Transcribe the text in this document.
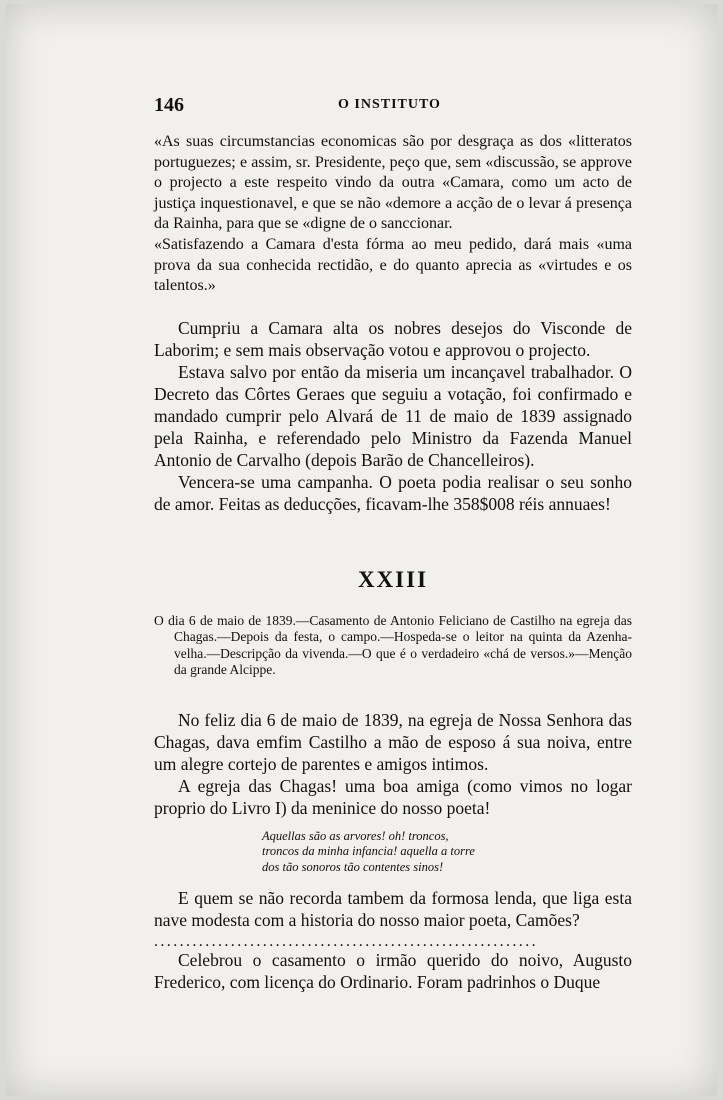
146	O INSTITUTO

«As suas circumstancias economicas são por desgraça as dos «litteratos portuguezes; e assim, sr. Presidente, peço que, sem «discussão, se approve o projecto a este respeito vindo da outra «Camara, como um acto de justiça inquestionavel, e que se não «demore a acção de o levar á presença da Rainha, para que se «digne de o sanccionar.

«Satisfazendo a Camara d'esta fórma ao meu pedido, dará mais «uma prova da sua conhecida rectidão, e do quanto aprecia as «virtudes e os talentos.»

Cumpriu a Camara alta os nobres desejos do Visconde de Laborim; e sem mais observação votou e approvou o projecto.

Estava salvo por então da miseria um incançavel trabalhador. O Decreto das Côrtes Geraes que seguiu a votação, foi confirmado e mandado cumprir pelo Alvará de 11 de maio de 1839 assignado pela Rainha, e referendado pelo Ministro da Fazenda Manuel Antonio de Carvalho (depois Barão de Chancelleiros).

Vencera-se uma campanha. O poeta podia realisar o seu sonho de amor. Feitas as deducções, ficavam-lhe 358$008 réis annuaes!

XXIII

O dia 6 de maio de 1839.—Casamento de Antonio Feliciano de Castilho na egreja das Chagas.—Depois da festa, o campo.—Hospeda-se o leitor na quinta da Azenha-velha.—Descripção da vivenda.—O que é o verdadeiro «chá de versos.»—Menção da grande Alcippe.

No feliz dia 6 de maio de 1839, na egreja de Nossa Senhora das Chagas, dava emfim Castilho a mão de esposo á sua noiva, entre um alegre cortejo de parentes e amigos intimos.

A egreja das Chagas! uma boa amiga (como vimos no logar proprio do Livro I) da meninice do nosso poeta!

Aquellas são as arvores! oh! troncos,
troncos da minha infancia! aquella a torre
dos tão sonoros tão contentes sinos!

E quem se não recorda tambem da formosa lenda, que liga esta nave modesta com a historia do nosso maior poeta, Camões?

............................................................

Celebrou o casamento o irmão querido do noivo, Augusto Frederico, com licença do Ordinario. Foram padrinhos o Duque
